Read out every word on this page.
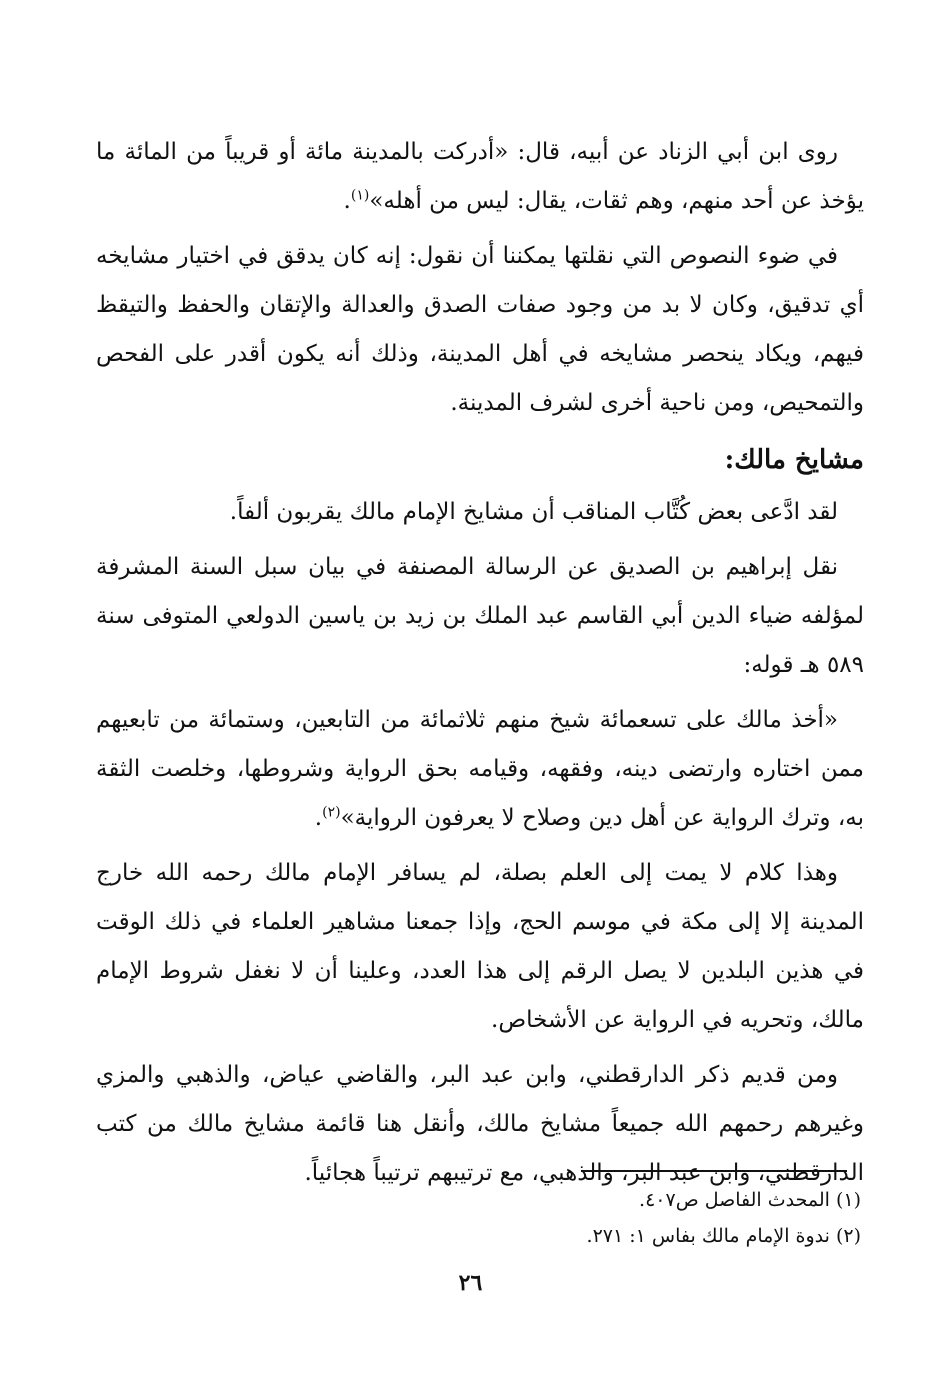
روى ابن أبي الزناد عن أبيه، قال: «أدركت بالمدينة مائة أو قريباً من المائة ما يؤخذ عن أحد منهم، وهم ثقات، يقال: ليس من أهله»$^{(١)}$.

في ضوء النصوص التي نقلتها يمكننا أن نقول: إنه كان يدقق في اختيار مشايخه أي تدقيق، وكان لا بد من وجود صفات الصدق والعدالة والإتقان والحفظ والتيقظ فيهم، ويكاد ينحصر مشايخه في أهل المدينة، وذلك أنه يكون أقدر على الفحص والتمحيص، ومن ناحية أخرى لشرف المدينة.

مشايخ مالك:

لقد ادَّعى بعض كُتَّاب المناقب أن مشايخ الإمام مالك يقربون ألفاً.

نقل إبراهيم بن الصديق عن الرسالة المصنفة في بيان سبل السنة المشرفة لمؤلفه ضياء الدين أبي القاسم عبد الملك بن زيد بن ياسين الدولعي المتوفى سنة ٥٨٩ هـ قوله:

«أخذ مالك على تسعمائة شيخ منهم ثلاثمائة من التابعين، وستمائة من تابعيهم ممن اختاره وارتضى دينه، وفقهه، وقيامه بحق الرواية وشروطها، وخلصت الثقة به، وترك الرواية عن أهل دين وصلاح لا يعرفون الرواية»$^{(٢)}$.

وهذا كلام لا يمت إلى العلم بصلة، لم يسافر الإمام مالك رحمه الله خارج المدينة إلا إلى مكة في موسم الحج، وإذا جمعنا مشاهير العلماء في ذلك الوقت في هذين البلدين لا يصل الرقم إلى هذا العدد، وعلينا أن لا نغفل شروط الإمام مالك، وتحريه في الرواية عن الأشخاص.

ومن قديم ذكر الدارقطني، وابن عبد البر، والقاضي عياض، والذهبي والمزي وغيرهم رحمهم الله جميعاً مشايخ مالك، وأنقل هنا قائمة مشايخ مالك من كتب الدارقطني، وابن عبد البر، والذهبي، مع ترتيبهم ترتيباً هجائياً.

(١) المحدث الفاصل ص٤٠٧.

(٢) ندوة الإمام مالك بفاس ١: ٢٧١.

٢٦
